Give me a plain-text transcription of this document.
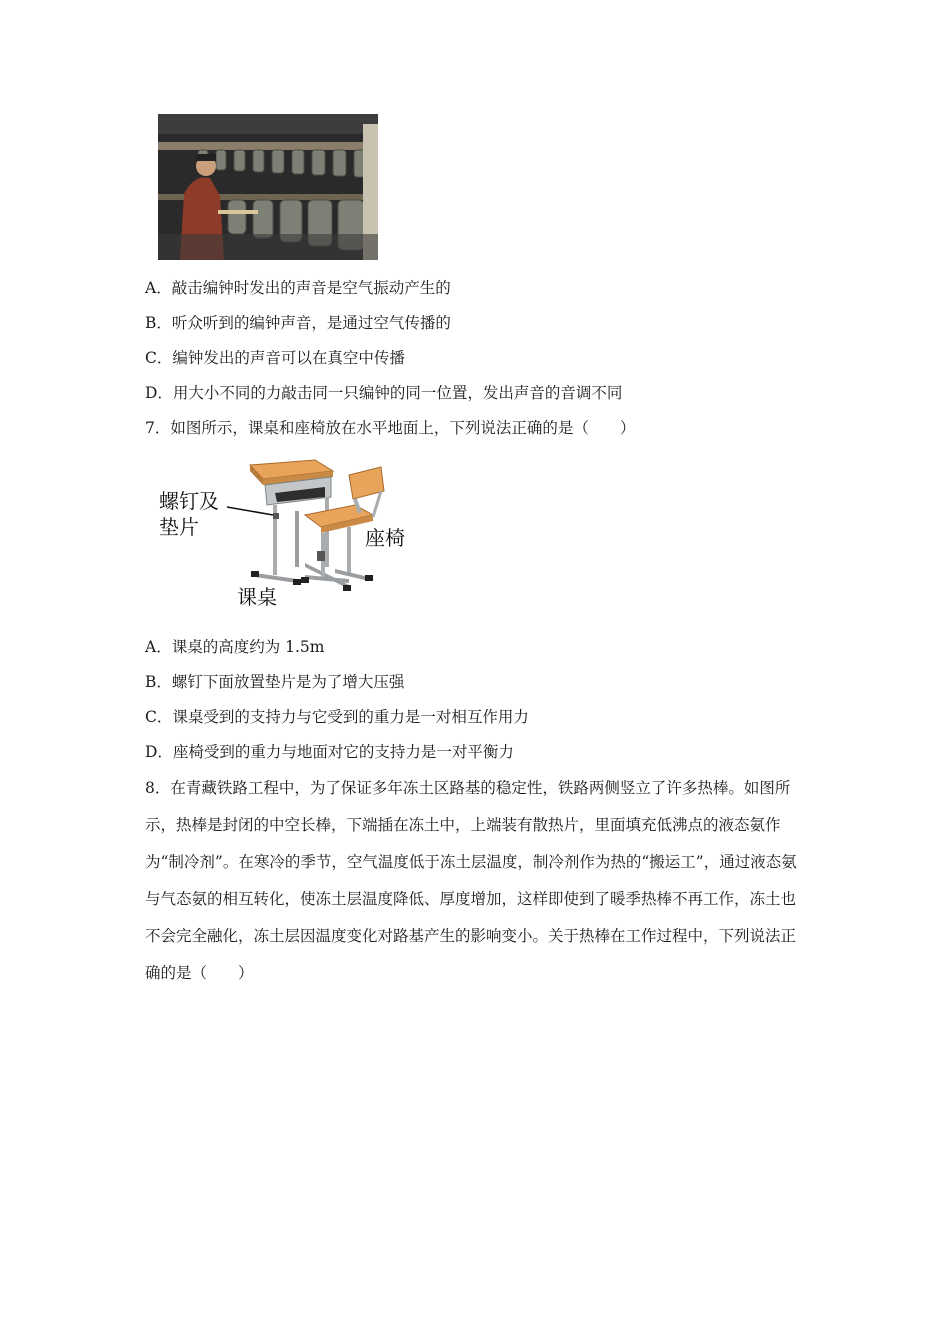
A．敲击编钟时发出的声音是空气振动产生的
B．听众听到的编钟声音，是通过空气传播的
C．编钟发出的声音可以在真空中传播
D．用大小不同的力敲击同一只编钟的同一位置，发出声音的音调不同
7．如图所示，课桌和座椅放在水平地面上，下列说法正确的是（　　）
螺钉及
垫片	座椅
课桌
A．课桌的高度约为 1.5m
B．螺钉下面放置垫片是为了增大压强
C．课桌受到的支持力与它受到的重力是一对相互作用力
D．座椅受到的重力与地面对它的支持力是一对平衡力
8．在青藏铁路工程中，为了保证多年冻土区路基的稳定性，铁路两侧竖立了许多热棒。如图所示，热棒是封闭的中空长棒，下端插在冻土中，上端装有散热片，里面填充低沸点的液态氨作为“制冷剂”。在寒冷的季节，空气温度低于冻土层温度，制冷剂作为热的“搬运工”，通过液态氨与气态氨的相互转化，使冻土层温度降低、厚度增加，这样即使到了暖季热棒不再工作，冻土也不会完全融化，冻土层因温度变化对路基产生的影响变小。关于热棒在工作过程中，下列说法正确的是（　　）
